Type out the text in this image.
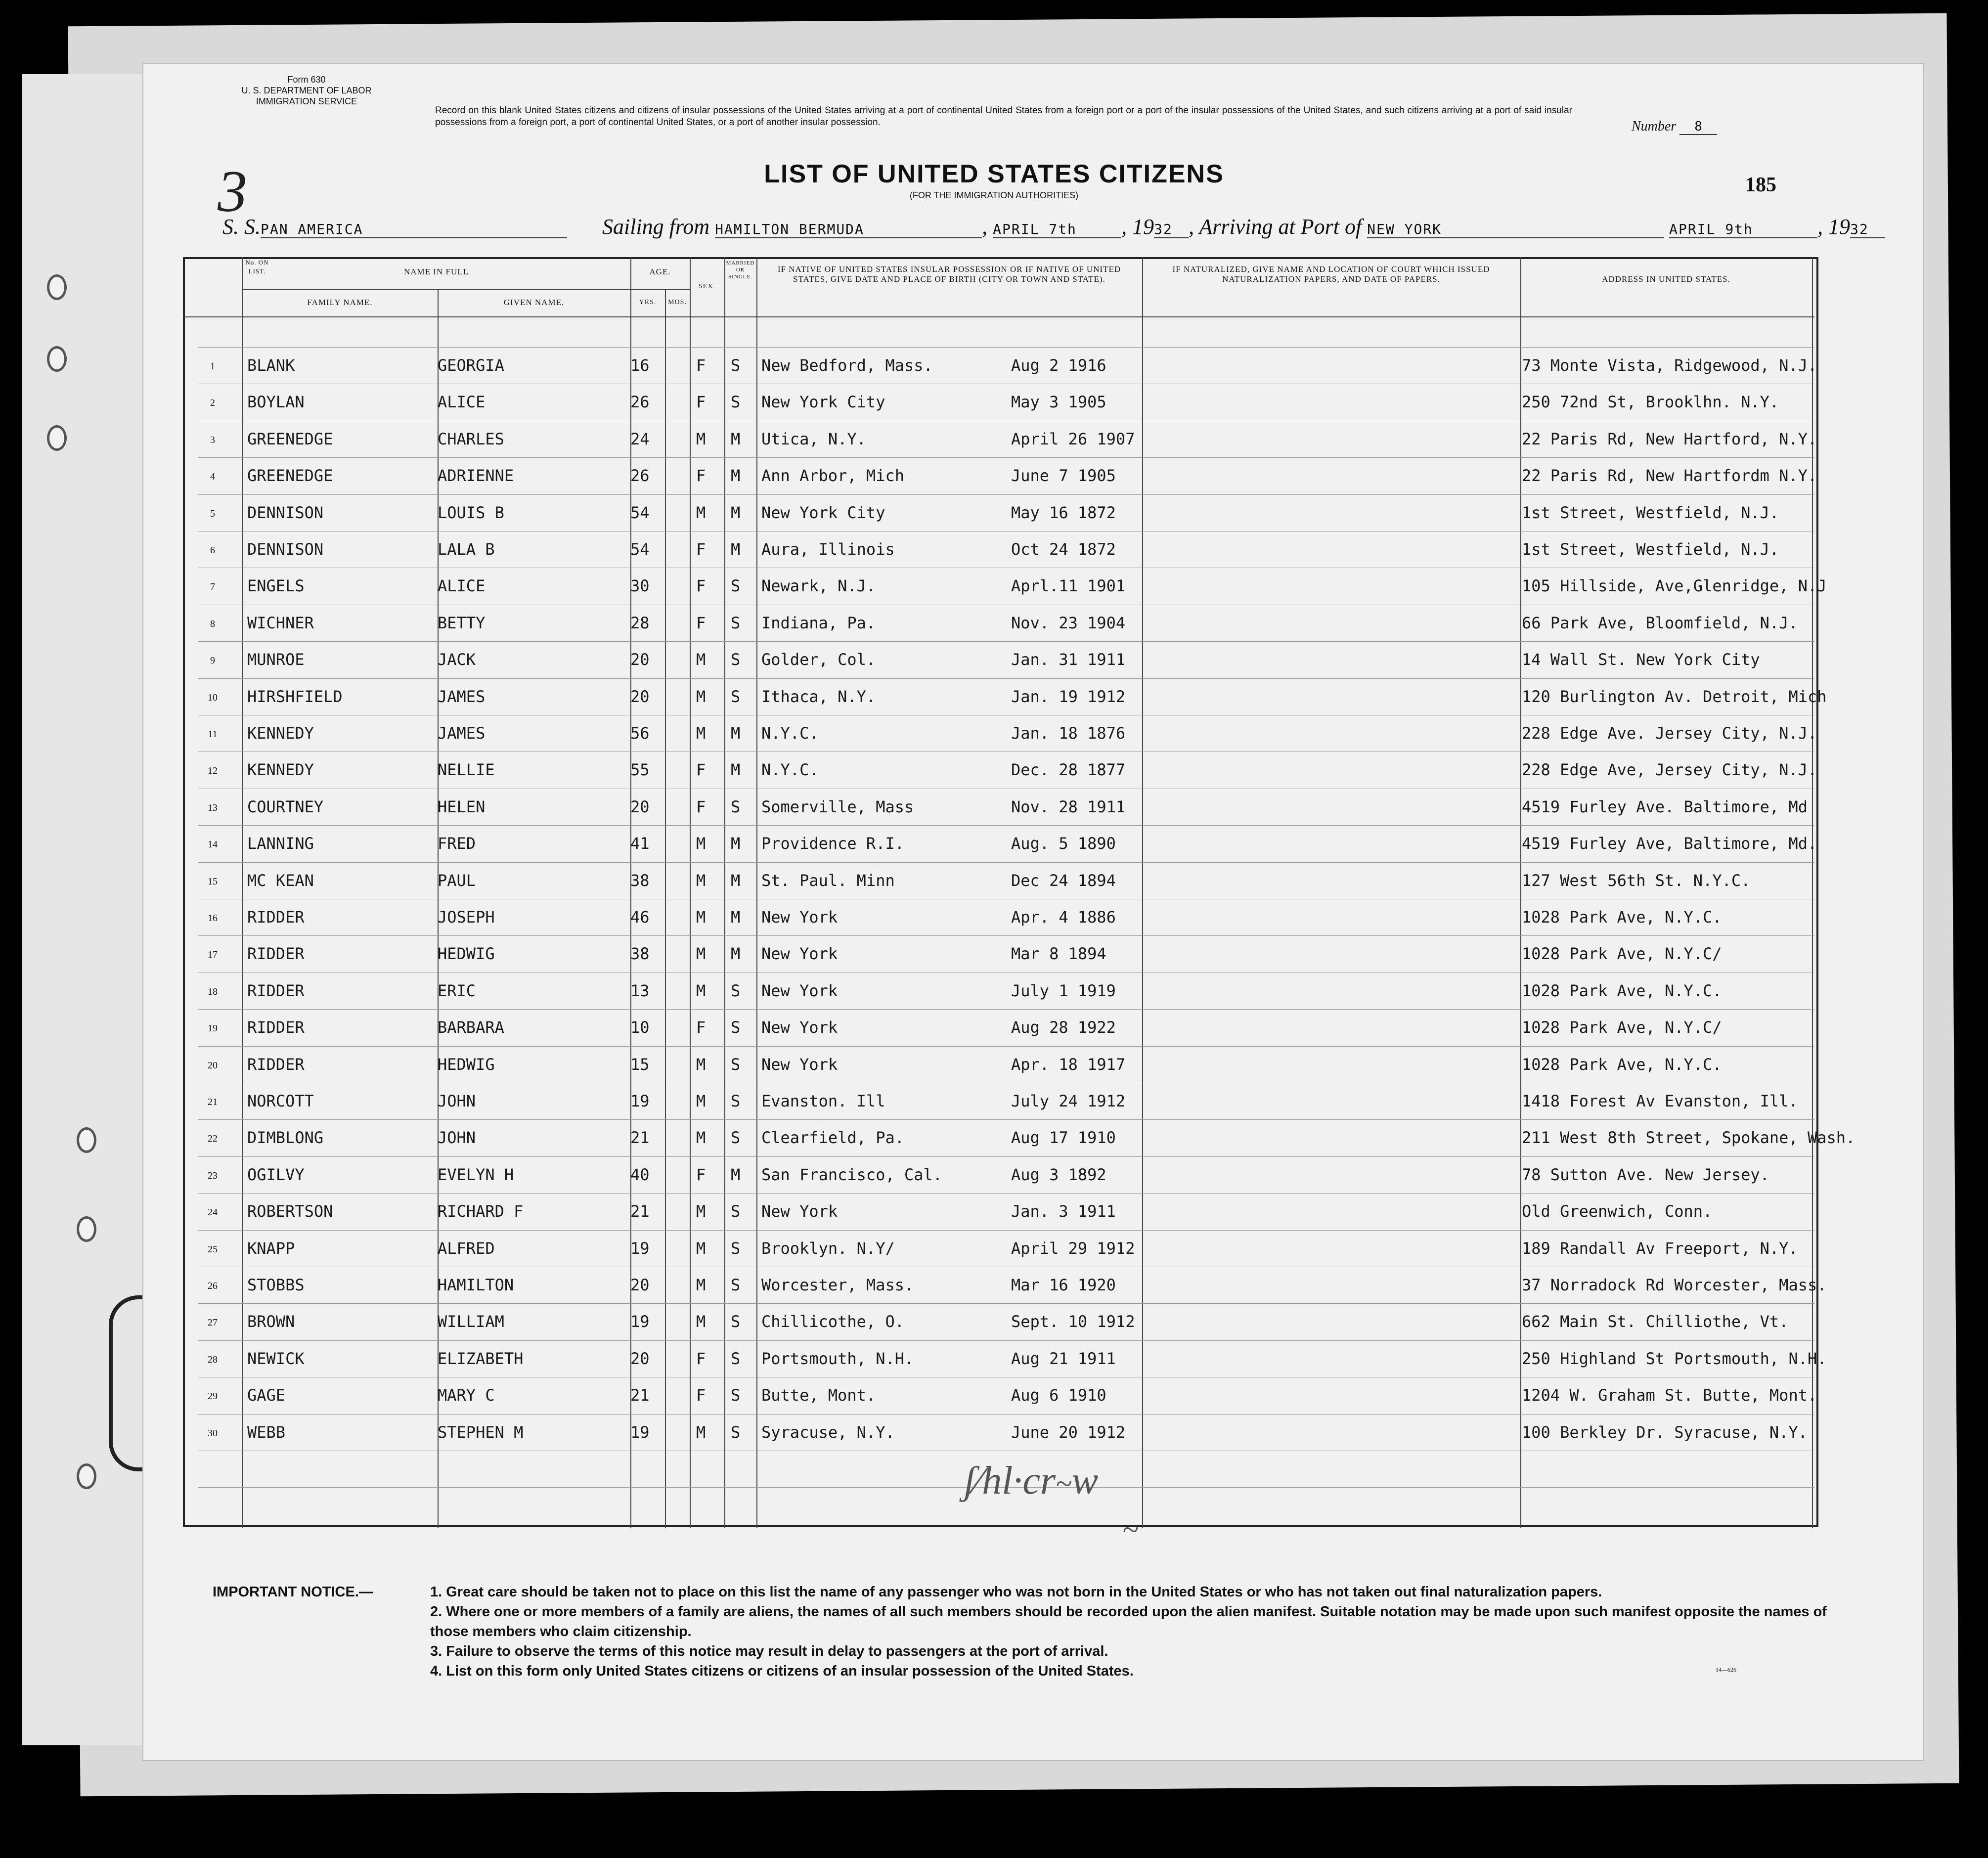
Form 630
U. S. DEPARTMENT OF LABOR
IMMIGRATION SERVICE
Record on this blank United States citizens and citizens of insular possessions of the United States arriving at a port of continental United States from a foreign port or a port of the insular possessions of the United States, and such citizens arriving at a port of said insular possessions from a foreign port, a port of continental United States, or a port of another insular possession.	Number 8
3	185
LIST OF UNITED STATES CITIZENS
(FOR THE IMMIGRATION AUTHORITIES)
S. S.PAN AMERICA	Sailing from HAMILTON BERMUDA	, APRIL 7th , 1932 , Arriving at Port of NEW YORK	APRIL 9th	, 1932
No. ON LIST.	NAME IN FULL
FAMILY NAME.	GIVEN NAME.
AGE.
YRS.	MOS.
SEX.
MARRIED OR SINGLE.
IF NATIVE OF UNITED STATES INSULAR POSSESSION OR IF NATIVE OF UNITED STATES, GIVE DATE AND PLACE OF BIRTH (CITY OR TOWN AND STATE).
IF NATURALIZED, GIVE NAME AND LOCATION OF COURT WHICH ISSUED NATURALIZATION PAPERS, AND DATE OF PAPERS.	ADDRESS IN UNITED STATES.
1	BLANK	GEORGIA	16	F S New Bedford, Mass.	Aug 2 1916	73 Monte Vista, Ridgewood, N.J.
2	BOYLAN	ALICE	26	F S New York City	May 3 1905	250 72nd St, Brooklhn. N.Y.
3	GREENEDGE	CHARLES	24	M M Utica, N.Y.	April 26 1907	22 Paris Rd, New Hartford, N.Y.
4	GREENEDGE	ADRIENNE	26	F M Ann Arbor, Mich	June 7 1905	22 Paris Rd, New Hartfordm N.Y.
5	DENNISON	LOUIS B	54	M M New York City	May 16 1872	1st Street, Westfield, N.J.
6	DENNISON	LALA B	54	F M Aura, Illinois	Oct 24 1872	1st Street, Westfield, N.J.
7	ENGELS	ALICE	30	F S Newark, N.J.	Aprl.11 1901	105 Hillside, Ave,Glenridge, N.J
8	WICHNER	BETTY	28	F S Indiana, Pa.	Nov. 23 1904	66 Park Ave, Bloomfield, N.J.
9	MUNROE	JACK	20	M S Golder, Col.	Jan. 31 1911	14 Wall St. New York City
10	HIRSHFIELD	JAMES	20	M S Ithaca, N.Y.	Jan. 19 1912	120 Burlington Av. Detroit, Mich
11	KENNEDY	JAMES	56	M M N.Y.C.	Jan. 18 1876	228 Edge Ave. Jersey City, N.J.
12	KENNEDY	NELLIE	55	F M N.Y.C.	Dec. 28 1877	228 Edge Ave, Jersey City, N.J.
13	COURTNEY	HELEN	20	F S Somerville, Mass	Nov. 28 1911	4519 Furley Ave. Baltimore, Md
14	LANNING	FRED	41	M M Providence R.I.	Aug. 5 1890	4519 Furley Ave, Baltimore, Md.
15	MC KEAN	PAUL	38	M M St. Paul. Minn	Dec 24 1894	127 West 56th St. N.Y.C.
16	RIDDER	JOSEPH	46	M M New York	Apr. 4 1886	1028 Park Ave, N.Y.C.
17	RIDDER	HEDWIG	38	M M New York	Mar 8 1894	1028 Park Ave, N.Y.C/
18	RIDDER	ERIC	13	M S New York	July 1 1919	1028 Park Ave, N.Y.C.
19	RIDDER	BARBARA	10	F S New York	Aug 28 1922	1028 Park Ave, N.Y.C/
20	RIDDER	HEDWIG	15	M S New York	Apr. 18 1917	1028 Park Ave, N.Y.C.
21	NORCOTT	JOHN	19	M S Evanston. Ill	July 24 1912	1418 Forest Av Evanston, Ill.
22	DIMBLONG	JOHN	21	M S Clearfield, Pa.	Aug 17 1910	211 West 8th Street, Spokane, Wash.
23	OGILVY	EVELYN H	40	F M San Francisco, Cal.	Aug 3 1892	78 Sutton Ave. New Jersey.
24	ROBERTSON	RICHARD F	21	M S New York	Jan. 3 1911	Old Greenwich, Conn.
25	KNAPP	ALFRED	19	M S Brooklyn. N.Y/	April 29 1912	189 Randall Av Freeport, N.Y.
26	STOBBS	HAMILTON	20	M S Worcester, Mass.	Mar 16 1920	37 Norradock Rd Worcester, Mass.
27	BROWN	WILLIAM	19	M S Chillicothe, O.	Sept. 10 1912	662 Main St. Chilliothe, Vt.
28	NEWICK	ELIZABETH	20	F S Portsmouth, N.H.	Aug 21 1911	250 Highland St Portsmouth, N.H.
29	GAGE	MARY C	21	F S Butte, Mont.	Aug 6 1910	1204 W. Graham St. Butte, Mont.
30	WEBB	STEPHEN M	19	M S Syracuse, N.Y.	June 20 1912	100 Berkley Dr. Syracuse, N.Y.
ʃ⁄hl·cr~w
~
IMPORTANT NOTICE.—	1. Great care should be taken not to place on this list the name of any passenger who was not born in the United States or who has not taken out final naturalization papers.
2. Where one or more members of a family are aliens, the names of all such members should be recorded upon the alien manifest. Suitable notation may be made upon such manifest opposite the names of those members who claim citizenship.
3. Failure to observe the terms of this notice may result in delay to passengers at the port of arrival.
4. List on this form only United States citizens or citizens of an insular possession of the United States.	14—626
